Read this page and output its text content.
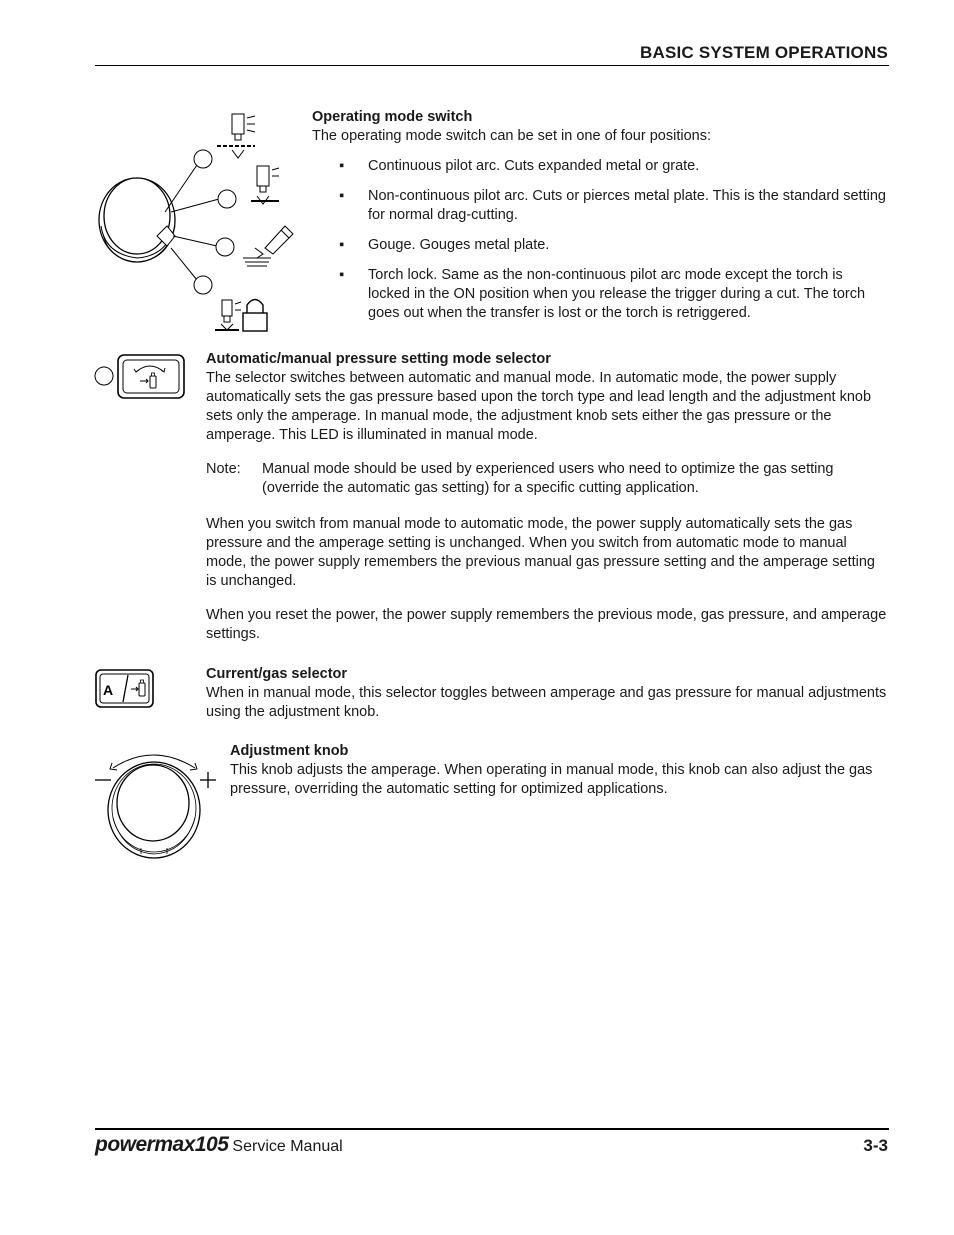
BASIC SYSTEM OPERATIONS
Operating mode switch
The operating mode switch can be set in one of four positions:
▪ Continuous pilot arc. Cuts expanded metal or grate.
▪ Non-continuous pilot arc. Cuts or pierces metal plate. This is the standard setting for normal drag-cutting.
▪ Gouge. Gouges metal plate.
▪ Torch lock. Same as the non-continuous pilot arc mode except the torch is locked in the ON position when you release the trigger during a cut. The torch goes out when the transfer is lost or the torch is retriggered.
Automatic/manual pressure setting mode selector
The selector switches between automatic and manual mode. In automatic mode, the power supply automatically sets the gas pressure based upon the torch type and lead length and the adjustment knob sets only the amperage. In manual mode, the adjustment knob sets either the gas pressure or the amperage. This LED is illuminated in manual mode.
Note:	Manual mode should be used by experienced users who need to optimize the gas setting (override the automatic gas setting) for a specific cutting application.
When you switch from manual mode to automatic mode, the power supply automatically sets the gas pressure and the amperage setting is unchanged. When you switch from automatic mode to manual mode, the power supply remembers the previous manual gas pressure setting and the amperage setting is unchanged.
When you reset the power, the power supply remembers the previous mode, gas pressure, and amperage settings.
A
Current/gas selector
When in manual mode, this selector toggles between amperage and gas pressure for manual adjustments using the adjustment knob.
Adjustment knob
This knob adjusts the amperage. When operating in manual mode, this knob can also adjust the gas pressure, overriding the automatic setting for optimized applications.
powermax105 Service Manual	3-3
